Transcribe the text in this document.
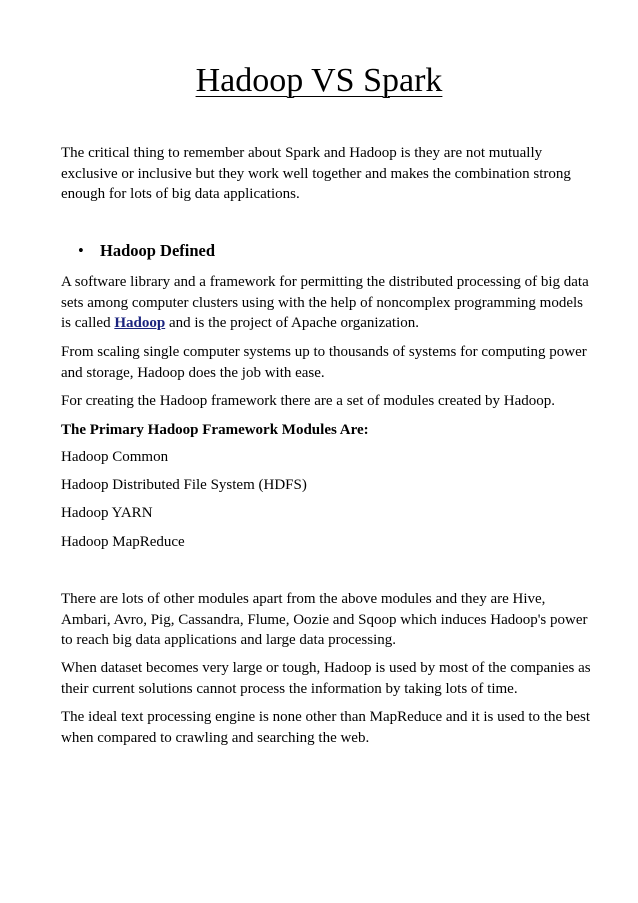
Hadoop VS Spark

The critical thing to remember about Spark and Hadoop is they are not mutually exclusive or inclusive but they work well together and makes the combination strong enough for lots of big data applications.

• Hadoop Defined

A software library and a framework for permitting the distributed processing of big data sets among computer clusters using with the help of noncomplex programming models is called Hadoop and is the project of Apache organization.

From scaling single computer systems up to thousands of systems for computing power and storage, Hadoop does the job with ease.

For creating the Hadoop framework there are a set of modules created by Hadoop.

The Primary Hadoop Framework Modules Are:

Hadoop Common

Hadoop Distributed File System (HDFS)

Hadoop YARN

Hadoop MapReduce

There are lots of other modules apart from the above modules and they are Hive, Ambari, Avro, Pig, Cassandra, Flume, Oozie and Sqoop which induces Hadoop's power to reach big data applications and large data processing.

When dataset becomes very large or tough, Hadoop is used by most of the companies as their current solutions cannot process the information by taking lots of time.

The ideal text processing engine is none other than MapReduce and it is used to the best when compared to crawling and searching the web.
